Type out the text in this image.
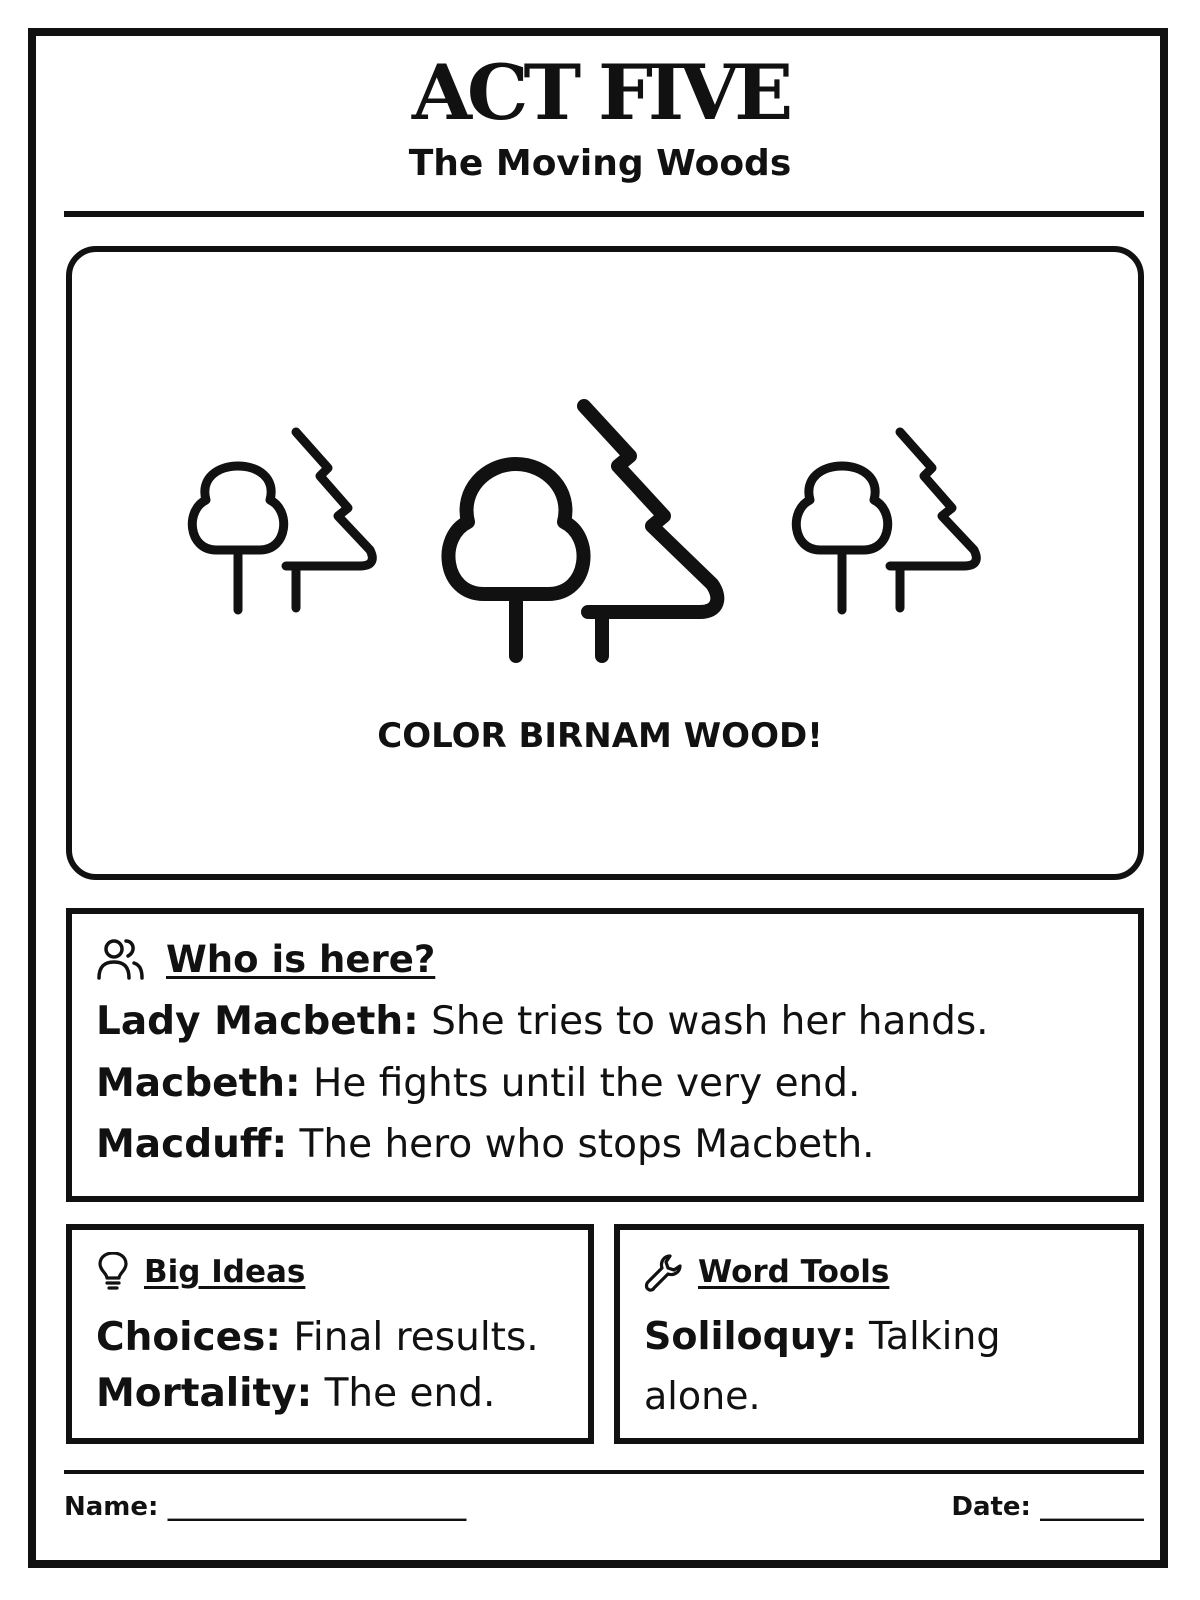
ACT FIVE
The Moving Woods
COLOR BIRNAM WOOD!
Who is here?
Lady Macbeth: She tries to wash her hands.
Macbeth: He fights until the very end.
Macduff: The hero who stops Macbeth.
Big Ideas
Choices: Final results.
Mortality: The end.
Word Tools
Soliloquy: Talking alone.
Name: _______________________	Date: ________
